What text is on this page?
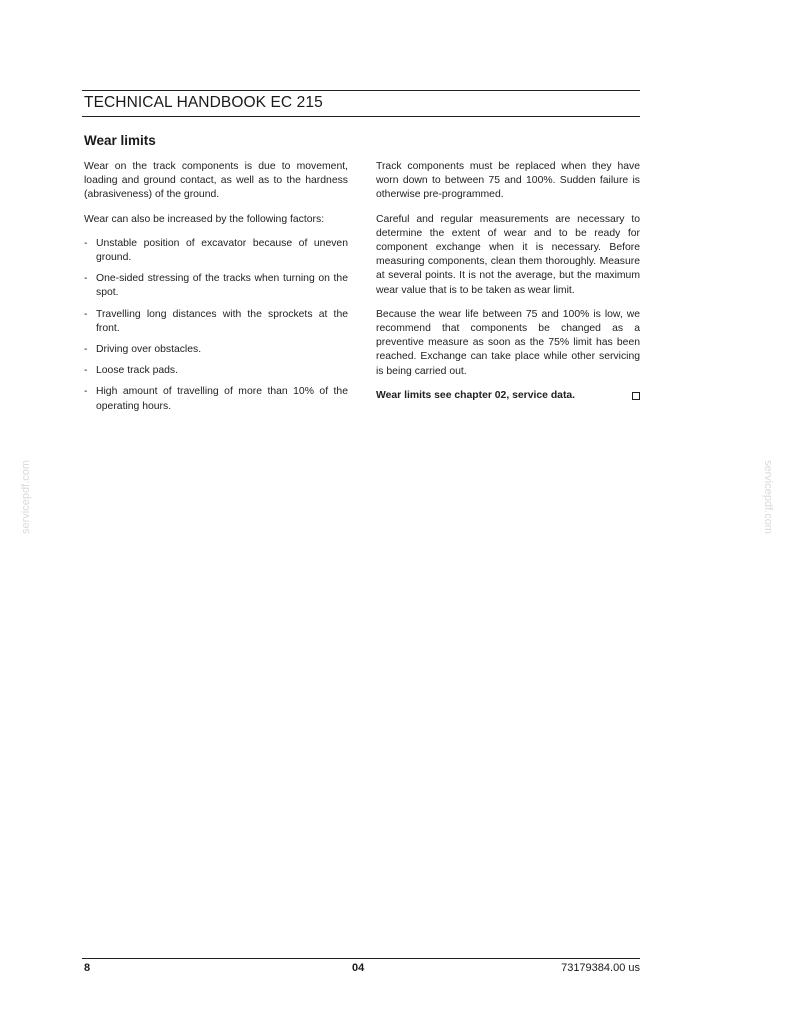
TECHNICAL HANDBOOK EC 215
Wear limits

Wear on the track components is due to movement, loading and ground contact, as well as to the hardness (abrasiveness) of the ground.

Wear can also be increased by the following factors:

- Unstable position of excavator because of uneven ground.
- One-sided stressing of the tracks when turning on the spot.
- Travelling long distances with the sprockets at the front.
- Driving over obstacles.
- Loose track pads.
- High amount of travelling of more than 10% of the operating hours.

Track components must be replaced when they have worn down to between 75 and 100%. Sudden failure is otherwise pre-programmed.

Careful and regular measurements are necessary to determine the extent of wear and to be ready for component exchange when it is necessary. Before measuring components, clean them thoroughly. Measure at several points. It is not the average, but the maximum wear value that is to be taken as wear limit.

Because the wear life between 75 and 100% is low, we recommend that components be changed as a preventive measure as soon as the 75% limit has been reached. Exchange can take place while other servicing is being carried out.

Wear limits see chapter 02, service data.
servicepdf.com	servicepdf.com
8	04	73179384.00 us
